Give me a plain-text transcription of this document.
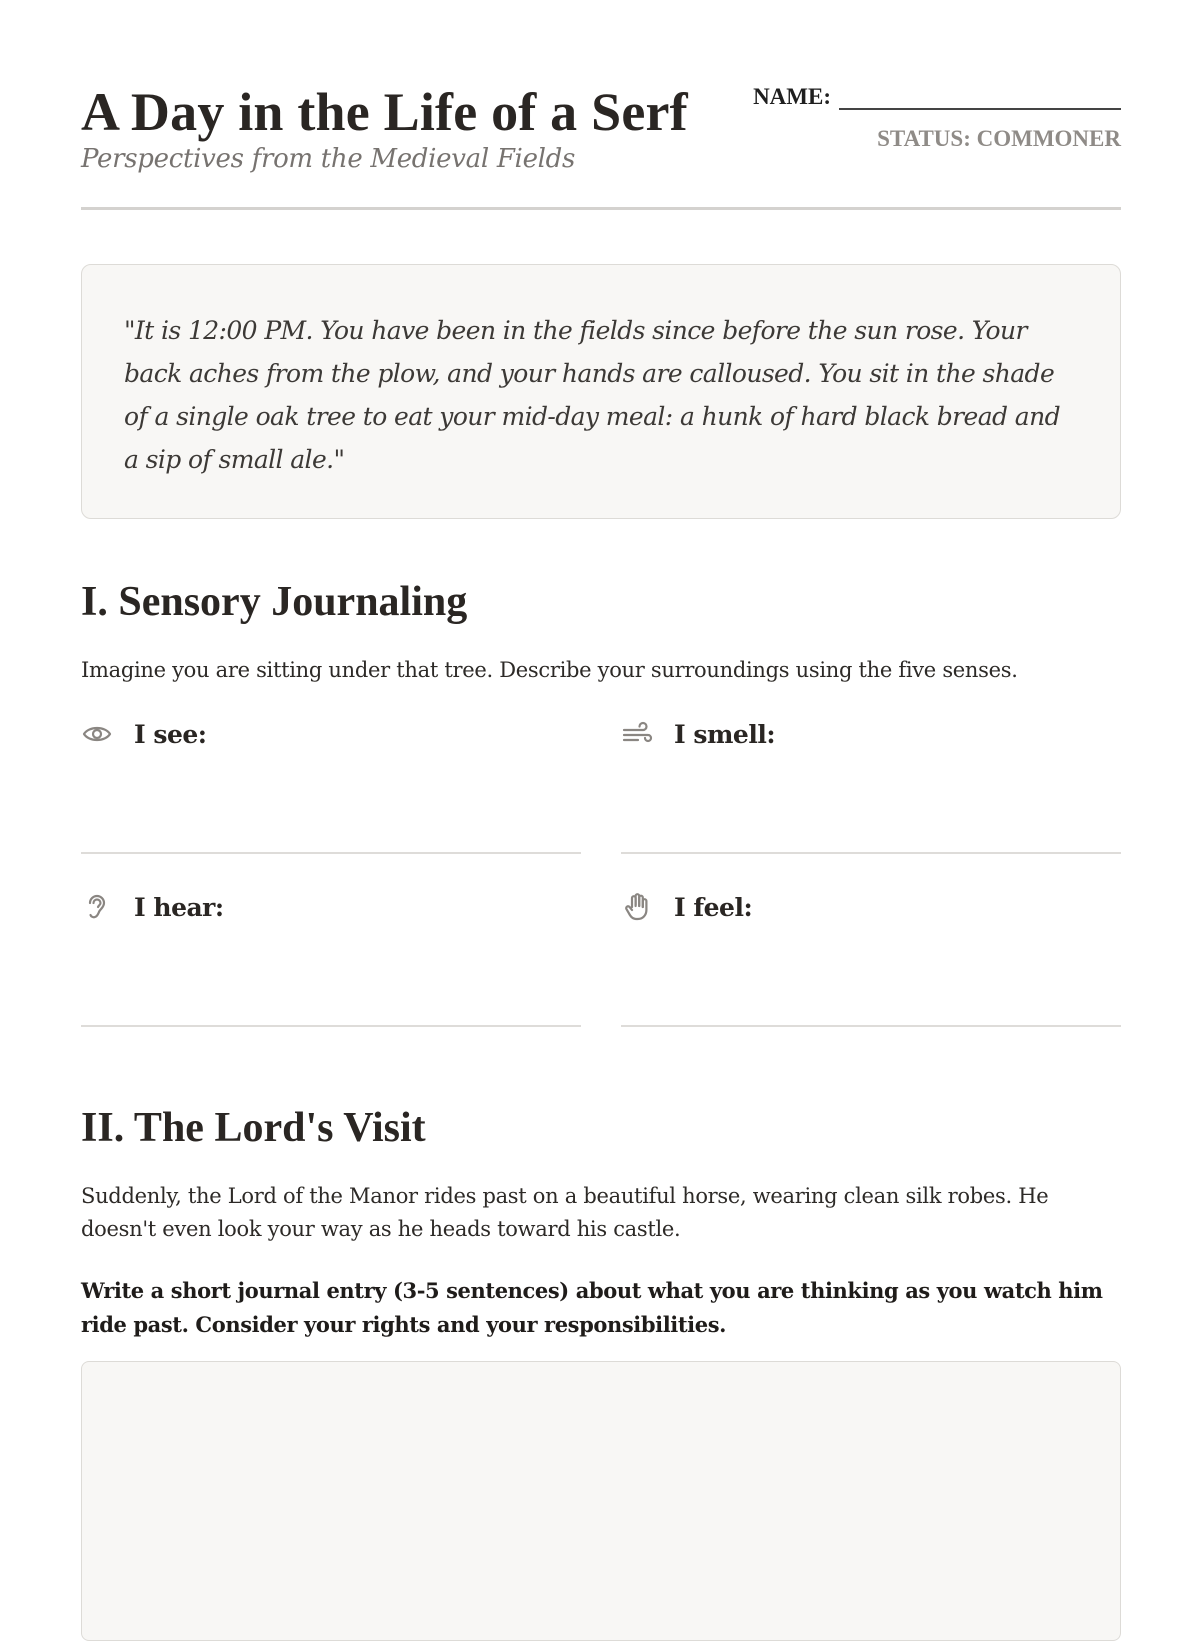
A Day in the Life of a Serf
Perspectives from the Medieval Fields
NAME:
STATUS: COMMONER

"It is 12:00 PM. You have been in the fields since before the sun rose. Your back aches from the plow, and your hands are calloused. You sit in the shade of a single oak tree to eat your mid-day meal: a hunk of hard black bread and a sip of small ale."

I. Sensory Journaling

Imagine you are sitting under that tree. Describe your surroundings using the five senses.

I see:	I smell:
I hear:	I feel:
II. The Lord's Visit

Suddenly, the Lord of the Manor rides past on a beautiful horse, wearing clean silk robes. He doesn't even look your way as he heads toward his castle.

Write a short journal entry (3-5 sentences) about what you are thinking as you watch him ride past. Consider your rights and your responsibilities.
